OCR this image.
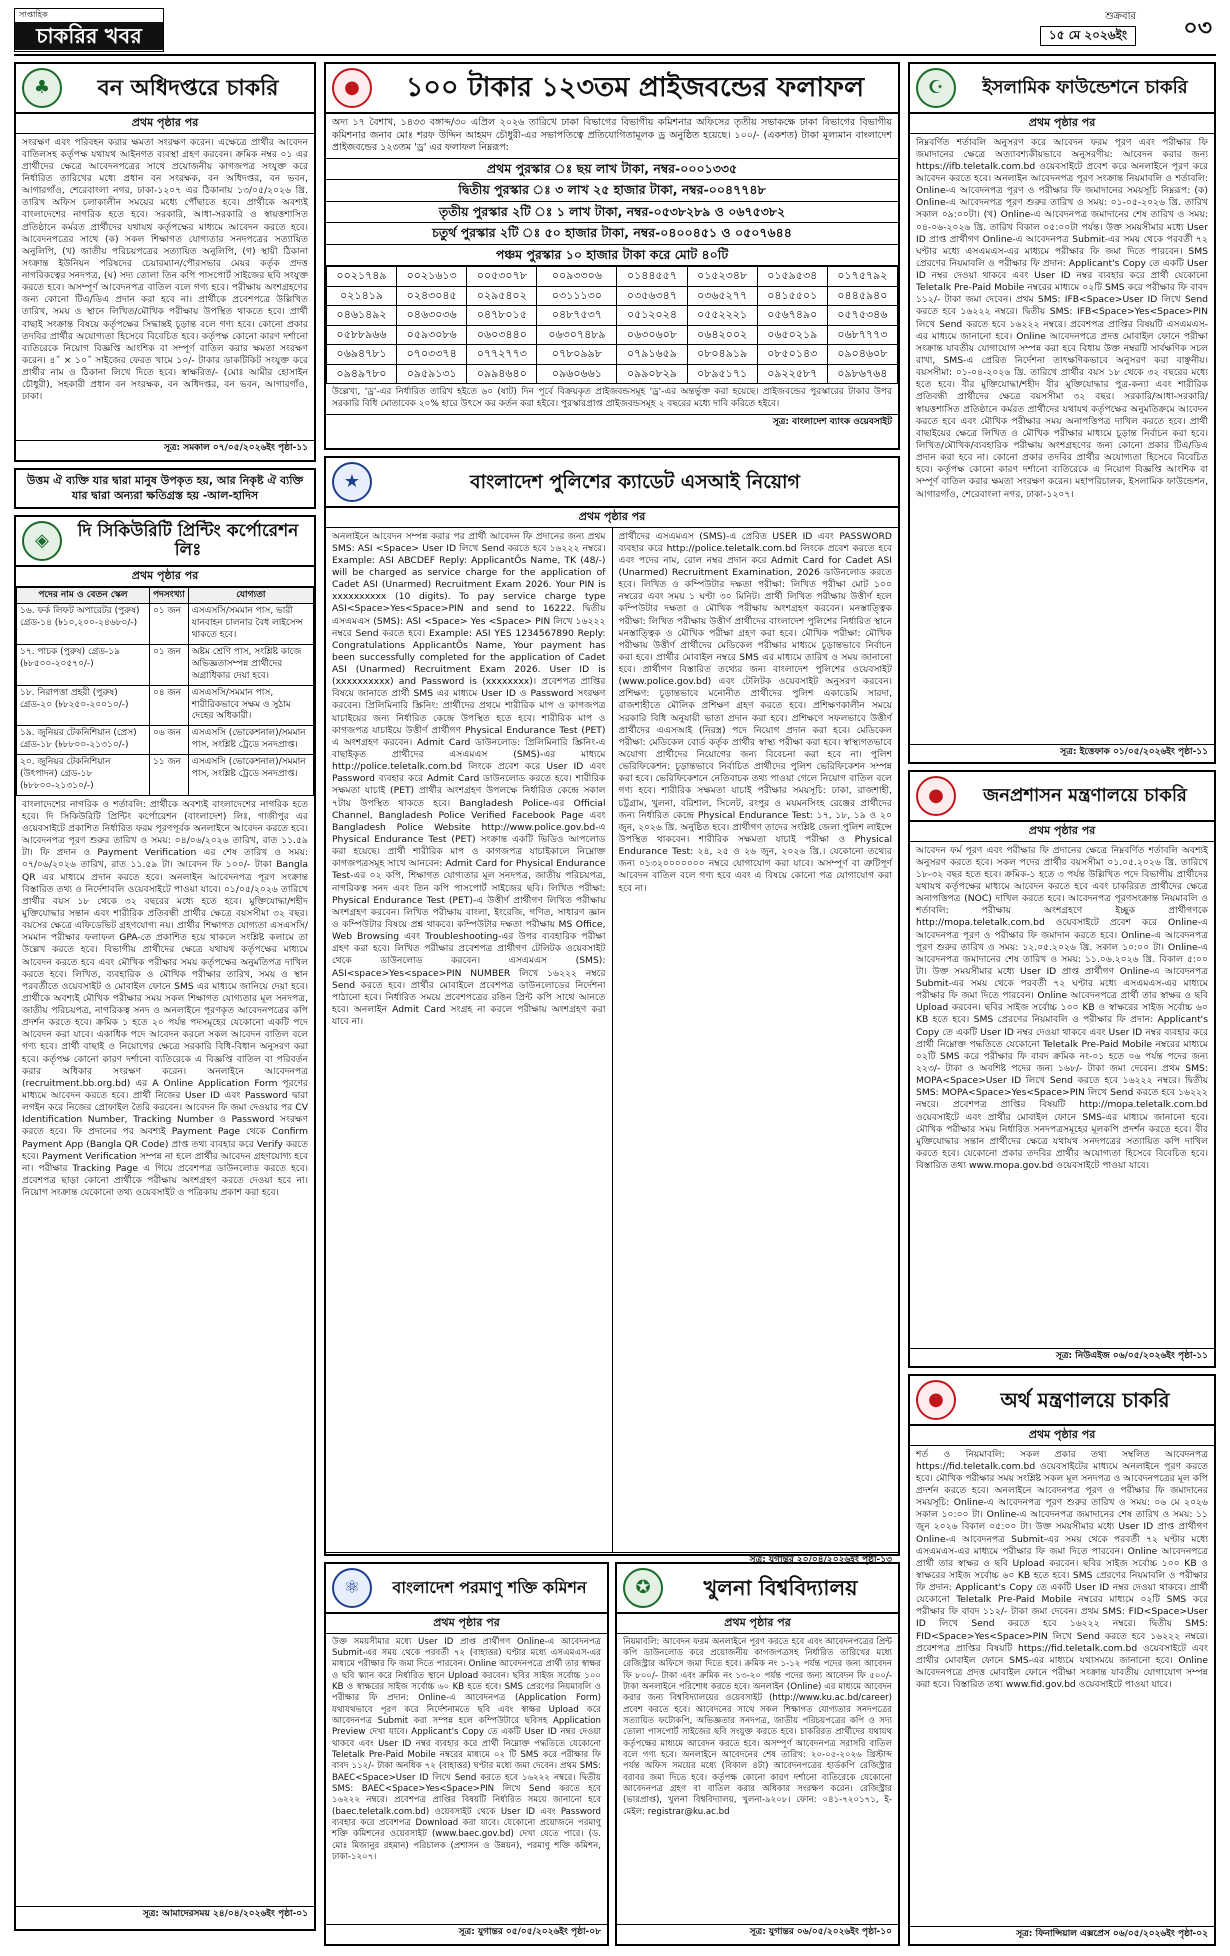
সাপ্তাহিক
চাকরির খবর
শুক্রবার
১৫ মে ২০২৬ইং	০৩
♣	বন অধিদপ্তরে চাকরি
প্রথম পৃষ্ঠার পর

সংরক্ষণ এবং পরিবহন করার ক্ষমতা সংরক্ষণ করেন। এক্ষেত্রে প্রার্থীর আবেদন বাতিলসহ কর্তৃপক্ষ যথাযথ আইনগত ব্যবস্থা গ্রহণ করবেন। ক্রমিক নম্বর ০১ এর প্রার্থীদের ক্ষেত্রে আবেদনপত্রের সাথে প্রয়োজনীয় কাগজপত্র সংযুক্ত করে নির্ধারিত তারিখের মধ্যে প্রধান বন সংরক্ষক, বন অধিদপ্তর, বন ভবন, আগারগাঁও, শেরেবাংলা নগর, ঢাকা-১২০৭ এর ঠিকানায় ১৩/০৫/২০২৬ খ্রি. তারিখ অফিস চলাকালীন সময়ের মধ্যে পৌঁছাতে হবে। প্রার্থীকে অবশ্যই বাংলাদেশের নাগরিক হতে হবে। সরকারি, আধা-সরকারি ও স্বায়ত্তশাসিত প্রতিষ্ঠানে কর্মরত প্রার্থীদের যথাযথ কর্তৃপক্ষের মাধ্যমে আবেদন করতে হবে। আবেদনপত্রের সাথে (ক) সকল শিক্ষাগত যোগ্যতার সনদপত্রের সত্যায়িত অনুলিপি, (খ) জাতীয় পরিচয়পত্রের সত্যায়িত অনুলিপি, (গ) স্থায়ী ঠিকানা সংক্রান্ত ইউনিয়ন পরিষদের চেয়ারম্যান/পৌরসভার মেয়র কর্তৃক প্রদত্ত নাগরিকত্বের সনদপত্র, (ঘ) সদ্য তোলা তিন কপি পাসপোর্ট সাইজের ছবি সংযুক্ত করতে হবে। অসম্পূর্ণ আবেদনপত্র বাতিল বলে গণ্য হবে। পরীক্ষায় অংশগ্রহণের জন্য কোনো টিএ/ডিএ প্রদান করা হবে না। প্রার্থীকে প্রবেশপত্রে উল্লিখিত তারিখ, সময় ও স্থানে লিখিত/মৌখিক পরীক্ষায় উপস্থিত থাকতে হবে। প্রার্থী বাছাই সংক্রান্ত বিষয়ে কর্তৃপক্ষের সিদ্ধান্তই চূড়ান্ত বলে গণ্য হবে। কোনো প্রকার তদবির প্রার্থীর অযোগ্যতা হিসেবে বিবেচিত হবে। কর্তৃপক্ষ কোনো কারণ দর্শানো ব্যতিরেকে নিয়োগ বিজ্ঞপ্তি আংশিক বা সম্পূর্ণ বাতিল করার ক্ষমতা সংরক্ষণ করেন। ৪˝ × ১০˝ সাইজের ফেরত খামে ১০/- টাকার ডাকটিকিট সংযুক্ত করে প্রার্থীর নাম ও ঠিকানা লিখে দিতে হবে। স্বাক্ষরিত/- (মোঃ আমীর হোসাইন চৌধুরী), সহকারী প্রধান বন সংরক্ষক, বন অধিদপ্তর, বন ভবন, আগারগাঁও, ঢাকা।

সূত্র: সমকাল ০৭/০৫/২০২৬ইং পৃষ্ঠা-১১
উত্তম ঐ ব্যক্তি যার দ্বারা মানুষ উপকৃত হয়, আর নিকৃষ্ট ঐ ব্যক্তি যার দ্বারা অন্যরা ক্ষতিগ্রস্ত হয় -আল-হাদিস
◈	দি সিকিউরিটি প্রিন্টিং কর্পোরেশন লিঃ
প্রথম পৃষ্ঠার পর
পদের নাম ও বেতন স্কেল	পদসংখ্যা	যোগ্যতা
১৬. ফর্ক লিফট অপারেটর (পুরুষ) গ্রেড-১৪ (৳১০,২০০-২৪৬৮০/-)	০১ জন	এসএসসি/সমমান পাস, ভারী যানবাহন চালনার বৈধ লাইসেন্স থাকতে হবে।
১৭. পাচক (পুরুষ) গ্রেড-১৯ (৳৮৫০০-২০৫৭০/-)	০১ জন	অষ্টম শ্রেণি পাস, সংশ্লিষ্ট কাজে অভিজ্ঞতাসম্পন্ন প্রার্থীদের অগ্রাধিকার দেয়া হবে।
১৮. নিরাপত্তা প্রহরী (পুরুষ) গ্রেড-২০ (৳৮২৫০-২০০১০/-)	০৪ জন	এসএসসি/সমমান পাস, শারীরিকভাবে সক্ষম ও সুঠাম দেহের অধিকারী।
১৯. জুনিয়র টেকনিশিয়ান (প্রেস) গ্রেড-১৮ (৳৮৮০০-২১৩১০/-)	০৬ জন	এসএসসি (ভোকেশনাল)/সমমান পাস, সংশ্লিষ্ট ট্রেডে সনদপ্রাপ্ত।
২০. জুনিয়র টেকনিশিয়ান (উৎপাদন) গ্রেড-১৮ (৳৮৮০০-২১৩১০/-)	১১ জন	এসএসসি (ভোকেশনাল)/সমমান পাস, সংশ্লিষ্ট ট্রেডে সনদপ্রাপ্ত।

বাংলাদেশের নাগরিক ও শর্তাবলি: প্রার্থীকে অবশ্যই বাংলাদেশের নাগরিক হতে হবে। দি সিকিউরিটি প্রিন্টিং কর্পোরেশন (বাংলাদেশ) লিঃ, গাজীপুর এর ওয়েবসাইটে প্রকাশিত নির্ধারিত ফরম পূরণপূর্বক অনলাইনে আবেদন করতে হবে। আবেদনপত্র পূরণ শুরুর তারিখ ও সময়: ০৪/০৬/২০২৬ তারিখ, রাত ১১.৫৯ টা। ফি প্রদান ও Payment Verification এর শেষ তারিখ ও সময়: ০৭/০৬/২০২৬ তারিখ, রাত ১১.৫৯ টা। আবেদন ফি ১০০/- টাকা Bangla QR এর মাধ্যমে প্রদান করতে হবে। অনলাইন আবেদনপত্র পূরণ সংক্রান্ত বিস্তারিত তথ্য ও নির্দেশাবলি ওয়েবসাইটে পাওয়া যাবে। ০১/০৫/২০২৬ তারিখে প্রার্থীর বয়স ১৮ থেকে ৩২ বছরের মধ্যে হতে হবে। মুক্তিযোদ্ধা/শহীদ মুক্তিযোদ্ধার সন্তান এবং শারীরিক প্রতিবন্ধী প্রার্থীর ক্ষেত্রে বয়সসীমা ৩২ বছর। বয়সের ক্ষেত্রে এফিডেভিট গ্রহণযোগ্য নয়। প্রার্থীর শিক্ষাগত যোগ্যতা এসএসসি/সমমান পরীক্ষার ফলাফল GPA-তে প্রকাশিত হয়ে থাকলে সংশ্লিষ্ট কলামে তা উল্লেখ করতে হবে। বিভাগীয় প্রার্থীদের ক্ষেত্রে যথাযথ কর্তৃপক্ষের মাধ্যমে আবেদন করতে হবে এবং মৌখিক পরীক্ষার সময় কর্তৃপক্ষের অনুমতিপত্র দাখিল করতে হবে। লিখিত, ব্যবহারিক ও মৌখিক পরীক্ষার তারিখ, সময় ও স্থান পরবর্তীতে ওয়েবসাইট ও মোবাইল ফোনে SMS এর মাধ্যমে জানিয়ে দেয়া হবে। প্রার্থীকে অবশ্যই মৌখিক পরীক্ষার সময় সকল শিক্ষাগত যোগ্যতার মূল সনদপত্র, জাতীয় পরিচয়পত্র, নাগরিকত্ব সনদ ও অনলাইনে পূরণকৃত আবেদনপত্রের কপি প্রদর্শন করতে হবে। ক্রমিক ১ হতে ২০ পর্যন্ত পদসমূহের যেকোনো একটি পদে আবেদন করা যাবে। একাধিক পদে আবেদন করলে সকল আবেদন বাতিল বলে গণ্য হবে। প্রার্থী বাছাই ও নিয়োগের ক্ষেত্রে সরকারি বিধি-বিধান অনুসরণ করা হবে। কর্তৃপক্ষ কোনো কারণ দর্শানো ব্যতিরেকে এ বিজ্ঞপ্তি বাতিল বা পরিবর্তন করার অধিকার সংরক্ষণ করেন। অনলাইনে আবেদনপত্র (recruitment.bb.org.bd) এর A Online Application Form পূরণের মাধ্যমে আবেদন করতে হবে। প্রার্থী নিজের User ID এবং Password দ্বারা লগইন করে নিজের প্রোফাইল তৈরি করবেন। আবেদন ফি জমা দেওয়ার পর CV Identification Number, Tracking Number ও Password সংরক্ষণ করতে হবে। ফি প্রদানের পর অবশ্যই Payment Page থেকে Confirm Payment App (Bangla QR Code) প্রাপ্ত তথ্য ব্যবহার করে Verify করতে হবে। Payment Verification সম্পন্ন না হলে প্রার্থীর আবেদন গ্রহণযোগ্য হবে না। পরীক্ষার Tracking Page এ গিয়ে প্রবেশপত্র ডাউনলোড করতে হবে। প্রবেশপত্র ছাড়া কোনো প্রার্থীকে পরীক্ষায় অংশগ্রহণ করতে দেওয়া হবে না। নিয়োগ সংক্রান্ত যেকোনো তথ্য ওয়েবসাইট ও পত্রিকায় প্রকাশ করা হবে।

সূত্র: আমাদেরসময় ২৪/০৪/২০২৬ইং পৃষ্ঠা-০১
●	১০০ টাকার ১২৩তম প্রাইজবন্ডের ফলাফল
অদ্য ১৭ বৈশাখ, ১৪৩৩ বঙ্গাব্দ/৩০ এপ্রিল ২০২৬ তারিখে ঢাকা বিভাগের বিভাগীয় কমিশনার অফিসের তৃতীয় সভাকক্ষে ঢাকা বিভাগের বিভাগীয় কমিশনার জনাব মোঃ শরফ উদ্দিন আহমদ চৌধুরী-এর সভাপতিত্বে প্রতিযোগিতামূলক ড্র অনুষ্ঠিত হয়েছে। ১০০/- (একশত) টাকা মূল্যমান বাংলাদেশ প্রাইজবন্ডের ১২৩তম 'ড্র' এর ফলাফল নিম্নরূপ:
প্রথম পুরস্কার ঃ ছয় লাখ টাকা, নম্বর-০০০১৩৩৫
দ্বিতীয় পুরস্কার ঃ ৩ লাখ ২৫ হাজার টাকা, নম্বর-০০৪৭৭৪৮
তৃতীয় পুরস্কার ২টি ঃ ১ লাখ টাকা, নম্বর-০৫৩৮২৮৯ ও ০৬৭৫৩৮২
চতুর্থ পুরস্কার ২টি ঃ ৫০ হাজার টাকা, নম্বর-০৪০০৪৫১ ও ০৫০৭৬৪৪
পঞ্চম পুরস্কার ১০ হাজার টাকা করে মোট ৪০টি
০০২১৭৪৯	০০২১৬১৩	০০৫৩০৭৮	০০৯৩৩০৬	০১৪৪৫৫৭	০১৫২৩৪৮	০১৫৯৫৩৪	০১৭৫৭৯২
০২১৪১৯	০২৪৩০৪৫	০২৯৫৪০২	০৩১১১৩০	০৩৫৬৩৪৭	০৩৬৫২৭৭	০৪১৫৫০১	০৪৪৫৯৪০
০৪৬১৪৯২	০৪৬৩০৩৬	০৪৭৮০১৫	০৪৮৭৫৩৭	০৫১২০২৪	০৫৫২২২১	০৫৬৭৪৯০	০৫৭৫৩৪৬
০৫৮৮৯৬৬	০৫৯৩০৮৬	০৬০৩৪৪০	০৬৩০৭৪৮৯	০৬৩০৬০৮	০৬৪২০০২	০৬৫০২১৯	০৬৮৭৭৭৩
০৬৯৪৭৮১	০৭০৩৩৭৪	০৭৭২৭৭৩	০৭৮০৯৯৮	০৭৯১৬৫৯	০৮০৪৯১৯	০৮৫০১৪৩	০৯০৪৬০৮
০৯৪৯৭৮০	০৯৫৯১৩১	০৯৯৪৬৪০	০৯৬০৬৬১	০৯৯০৮২৯	০৮৯৫১৭১	০৯২২৫৮৭	০৯৮৬৭৬৪
উল্লেখ্য, 'ড্র'-এর নির্ধারিত তারিখ হইতে ৬০ (ষাট) দিন পূর্বে বিক্রয়কৃত প্রাইজবন্ডসমূহ 'ড্র'-এর অন্তর্ভুক্ত করা হয়েছে। প্রাইজবন্ডের পুরস্কারের টাকার উপর সরকারি বিধি মোতাবেক ২০% হারে উৎসে কর কর্তন করা হইবে। পুরস্কারপ্রাপ্ত প্রাইজবন্ডসমূহ ২ বছরের মধ্যে দাবি করিতে হইবে।
সূত্র: বাংলাদেশ ব্যাংক ওয়েবসাইট
★	বাংলাদেশ পুলিশের ক্যাডেট এসআই নিয়োগ
প্রথম পৃষ্ঠার পর

অনলাইনে আবেদন সম্পন্ন করার পর প্রার্থী আবেদন ফি প্রদানের জন্য প্রথম SMS: ASI <Space> User ID লিখে Send করতে হবে ১৬২২২ নম্বরে। Example: ASI ABCDEF Reply: ApplicantÕs Name, TK (48/-) will be charged as service charge for the application of Cadet ASI (Unarmed) Recruitment Exam 2026. Your PIN is xxxxxxxxxx (10 digits). To pay service charge type ASI<Space>Yes<Space>PIN and send to 16222. দ্বিতীয় এসএমএস (SMS): ASI <Space> Yes <Space> PIN লিখে ১৬২২২ নম্বরে Send করতে হবে। Example: ASI YES 1234567890 Reply: Congratulations ApplicantÕs Name, Your payment has been successfully completed for the application of Cadet ASI (Unarmed) Recruitment Exam 2026. User ID is (xxxxxxxxxx) and Password is (xxxxxxxx)। প্রবেশপত্র প্রাপ্তির বিষয়ে জানাতে প্রার্থী SMS এর মাধ্যমে User ID ও Password সংরক্ষণ করবেন। প্রিলিমিনারি স্ক্রিনিং: প্রার্থীদের প্রথমে শারীরিক মাপ ও কাগজপত্র যাচাইয়ের জন্য নির্ধারিত কেন্দ্রে উপস্থিত হতে হবে। শারীরিক মাপ ও কাগজপত্র যাচাইয়ে উত্তীর্ণ প্রার্থীগণ Physical Endurance Test (PET) এ অংশগ্রহণ করবেন। Admit Card ডাউনলোড: প্রিলিমিনারি স্ক্রিনিং-এ বাছাইকৃত প্রার্থীদের এসএমএস (SMS)-এর মাধ্যমে http://police.teletalk.com.bd লিংকে প্রবেশ করে User ID এবং Password ব্যবহার করে Admit Card ডাউনলোড করতে হবে। শারীরিক সক্ষমতা যাচাই (PET) প্রার্থীর অংশগ্রহণ উপলক্ষে নির্ধারিত কেন্দ্রে সকাল ৭টায় উপস্থিত থাকতে হবে। Bangladesh Police-এর Official Channel, Bangladesh Police Verified Facebook Page এবং Bangladesh Police Website http://www.police.gov.bd-এ Physical Endurance Test (PET) সংক্রান্ত একটি ভিডিও আপলোড করা হয়েছে। প্রার্থী শারীরিক মাপ ও কাগজপত্র যাচাইকালে নিম্নোক্ত কাগজপত্রসমূহ সাথে আনবেন: Admit Card for Physical Endurance Test-এর ০২ কপি, শিক্ষাগত যোগ্যতার মূল সনদপত্র, জাতীয় পরিচয়পত্র, নাগরিকত্ব সনদ এবং তিন কপি পাসপোর্ট সাইজের ছবি। লিখিত পরীক্ষা: Physical Endurance Test (PET)-এ উত্তীর্ণ প্রার্থীগণ লিখিত পরীক্ষায় অংশগ্রহণ করবেন। লিখিত পরীক্ষায় বাংলা, ইংরেজি, গণিত, সাধারণ জ্ঞান ও কম্পিউটার বিষয়ে প্রশ্ন থাকবে। কম্পিউটার দক্ষতা পরীক্ষায় MS Office, Web Browsing এবং Troubleshooting-এর উপর ব্যবহারিক পরীক্ষা গ্রহণ করা হবে। লিখিত পরীক্ষার প্রবেশপত্র প্রার্থীগণ টেলিটক ওয়েবসাইট থেকে ডাউনলোড করবেন। এসএমএস (SMS): ASI<space>Yes<space>PIN NUMBER লিখে ১৬২২২ নম্বরে Send করতে হবে। প্রার্থীর মোবাইলে প্রবেশপত্র ডাউনলোডের নির্দেশনা পাঠানো হবে। নির্ধারিত সময়ে প্রবেশপত্রের রঙিন প্রিন্ট কপি সাথে আনতে হবে। অনলাইন Admit Card সংগ্রহ না করলে পরীক্ষায় অংশগ্রহণ করা যাবে না।

প্রার্থীদের এসএমএস (SMS)-এ প্রেরিত USER ID এবং PASSWORD ব্যবহার করে http://police.teletalk.com.bd লিংকে প্রবেশ করতে হবে এবং পদের নাম, রোল নম্বর প্রদান করে Admit Card for Cadet ASI (Unarmed) Recruitment Examination, 2026 ডাউনলোড করতে হবে। লিখিত ও কম্পিউটার দক্ষতা পরীক্ষা: লিখিত পরীক্ষা মোট ১০০ নম্বরের এবং সময় ১ ঘণ্টা ৩০ মিনিট। প্রার্থী লিখিত পরীক্ষায় উত্তীর্ণ হলে কম্পিউটার দক্ষতা ও মৌখিক পরীক্ষায় অংশগ্রহণ করবেন। মনস্তাত্ত্বিক পরীক্ষা: লিখিত পরীক্ষায় উত্তীর্ণ প্রার্থীদের বাংলাদেশ পুলিশের নির্ধারিত স্থানে মনস্তাত্ত্বিক ও মৌখিক পরীক্ষা গ্রহণ করা হবে। মৌখিক পরীক্ষা: মৌখিক পরীক্ষায় উত্তীর্ণ প্রার্থীদের মেডিকেল পরীক্ষার মাধ্যমে চূড়ান্তভাবে নির্বাচন করা হবে। প্রার্থীর মোবাইল নম্বরে SMS এর মাধ্যমে তারিখ ও সময় জানানো হবে। প্রার্থীগণ বিস্তারিত তথ্যের জন্য বাংলাদেশ পুলিশের ওয়েবসাইট (www.police.gov.bd) এবং টেলিটক ওয়েবসাইট অনুসরণ করবেন। প্রশিক্ষণ: চূড়ান্তভাবে মনোনীত প্রার্থীদের পুলিশ একাডেমি সারদা, রাজশাহীতে মৌলিক প্রশিক্ষণ গ্রহণ করতে হবে। প্রশিক্ষণকালীন সময়ে সরকারি বিধি অনুযায়ী ভাতা প্রদান করা হবে। প্রশিক্ষণে সফলভাবে উত্তীর্ণ প্রার্থীদের এএসআই (নিরস্ত্র) পদে নিয়োগ প্রদান করা হবে। মেডিকেল পরীক্ষা: মেডিকেল বোর্ড কর্তৃক প্রার্থীর স্বাস্থ্য পরীক্ষা করা হবে। স্বাস্থ্যগতভাবে অযোগ্য প্রার্থীদের নিয়োগের জন্য বিবেচনা করা হবে না। পুলিশ ভেরিফিকেশন: চূড়ান্তভাবে নির্বাচিত প্রার্থীদের পুলিশ ভেরিফিকেশন সম্পন্ন করা হবে। ভেরিফিকেশনে নেতিবাচক তথ্য পাওয়া গেলে নিয়োগ বাতিল বলে গণ্য হবে। শারীরিক সক্ষমতা যাচাই পরীক্ষার সময়সূচি: ঢাকা, রাজশাহী, চট্টগ্রাম, খুলনা, বরিশাল, সিলেট, রংপুর ও ময়মনসিংহ রেঞ্জের প্রার্থীদের জন্য নির্ধারিত কেন্দ্রে Physical Endurance Test: ১৭, ১৮, ১৯ ও ২০ জুন, ২০২৬ খ্রি. অনুষ্ঠিত হবে। প্রার্থীগণ তাদের সংশ্লিষ্ট জেলা পুলিশ লাইন্সে উপস্থিত থাকবেন। শারীরিক সক্ষমতা যাচাই পরীক্ষা ও Physical Endurance Test: ২৪, ২৫ ও ২৬ জুন, ২০২৬ খ্রি.। যেকোনো তথ্যের জন্য ০১৩২০০০০০০০ নম্বরে যোগাযোগ করা যাবে। অসম্পূর্ণ বা ত্রুটিপূর্ণ আবেদন বাতিল বলে গণ্য হবে এবং এ বিষয়ে কোনো পত্র যোগাযোগ করা হবে না।

সূত্র: যুগান্তর ২০/০৪/২০২৬ইং পৃষ্ঠা-১৩
⚛	বাংলাদেশ পরমাণু শক্তি কমিশন
প্রথম পৃষ্ঠার পর

উক্ত সময়সীমার মধ্যে User ID প্রাপ্ত প্রার্থীগণ Online-এ আবেদনপত্র Submit-এর সময় থেকে পরবর্তী ৭২ (বাহাত্তর) ঘণ্টার মধ্যে এসএমএস-এর মাধ্যমে পরীক্ষার ফি জমা দিতে পারবেন। Online আবেদনপত্রে প্রার্থী তার স্বাক্ষর ও ছবি স্ক্যান করে নির্ধারিত স্থানে Upload করবেন। ছবির সাইজ সর্বোচ্চ ১০০ KB ও স্বাক্ষরের সাইজ সর্বোচ্চ ৬০ KB হতে হবে। SMS প্রেরণের নিয়মাবলি ও পরীক্ষার ফি প্রদান: Online-এ আবেদনপত্র (Application Form) যথাযথভাবে পূরণ করে নির্দেশনামতে ছবি এবং স্বাক্ষর Upload করে আবেদনপত্র Submit করা সম্পন্ন হলে কম্পিউটারে ছবিসহ Application Preview দেখা যাবে। Applicant's Copy তে একটি User ID নম্বর দেওয়া থাকবে এবং User ID নম্বর ব্যবহার করে প্রার্থী নিম্নোক্ত পদ্ধতিতে যেকোনো Teletalk Pre-Paid Mobile নম্বরের মাধ্যমে ০২ টি SMS করে পরীক্ষার ফি বাবদ ১১২/- টাকা অনধিক ৭২ (বাহাত্তর) ঘণ্টার মধ্যে জমা দেবেন। প্রথম SMS: BAEC<Space>User ID লিখে Send করতে হবে ১৬২২২ নম্বরে। দ্বিতীয় SMS: BAEC<Space>Yes<Space>PIN লিখে Send করতে হবে ১৬২২২ নম্বরে। প্রবেশপত্র প্রাপ্তির বিষয়টি নির্ধারিত সময়ে জানানো হবে (baec.teletalk.com.bd) ওয়েবসাইট থেকে User ID এবং Password ব্যবহার করে প্রবেশপত্র Download করা যাবে। যেকোনো প্রয়োজনে পরমাণু শক্তি কমিশনের ওয়েবসাইট (www.baec.gov.bd) দেখা যেতে পারে। (ড. মোঃ মিজানুর রহমান) পরিচালক (প্রশাসন ও উন্নয়ন), পরমাণু শক্তি কমিশন, ঢাকা-১২০৭।

সূত্র: যুগান্তর ০৫/০৫/২০২৬ইং পৃষ্ঠা-০৮
✪	খুলনা বিশ্ববিদ্যালয়
প্রথম পৃষ্ঠার পর

নিয়মাবলি: আবেদন ফরম অনলাইনে পূরণ করতে হবে এবং আবেদনপত্রের প্রিন্ট কপি ডাউনলোড করে প্রয়োজনীয় কাগজপত্রসহ নির্ধারিত তারিখের মধ্যে রেজিস্ট্রার অফিসে জমা দিতে হবে। ক্রমিক নং ১-১২ পর্যন্ত পদের জন্য আবেদন ফি ৮০০/- টাকা এবং ক্রমিক নং ১৩-২০ পর্যন্ত পদের জন্য আবেদন ফি ৫০০/- টাকা অনলাইনে পরিশোধ করতে হবে। অনলাইন (Online) এর মাধ্যমে আবেদন করার জন্য বিশ্ববিদ্যালয়ের ওয়েবসাইট (http://www.ku.ac.bd/career) প্রবেশ করতে হবে। আবেদনের সাথে সকল শিক্ষাগত যোগ্যতার সনদপত্রের সত্যায়িত ফটোকপি, অভিজ্ঞতার সনদপত্র, জাতীয় পরিচয়পত্রের কপি ও সদ্য তোলা পাসপোর্ট সাইজের ছবি সংযুক্ত করতে হবে। চাকরিরত প্রার্থীদের যথাযথ কর্তৃপক্ষের মাধ্যমে আবেদন করতে হবে। অসম্পূর্ণ আবেদনপত্র সরাসরি বাতিল বলে গণ্য হবে। অনলাইনে আবেদনের শেষ তারিখ: ২০-০৫-২০২৬ খ্রিস্টাব্দ পর্যন্ত অফিস সময়ের মধ্যে (বিকাল ৪টা) আবেদনপত্রের হার্ডকপি রেজিস্ট্রার বরাবর জমা দিতে হবে। কর্তৃপক্ষ কোনো কারণ দর্শানো ব্যতিরেকে যেকোনো আবেদনপত্র গ্রহণ বা বাতিল করার অধিকার সংরক্ষণ করেন। রেজিস্ট্রার (ভারপ্রাপ্ত), খুলনা বিশ্ববিদ্যালয়, খুলনা-৯২০৮। ফোন: ০৪১-৭২০১৭১, ই-মেইল: registrar@ku.ac.bd

সূত্র: যুগান্তর ০৬/০৫/২০২৬ইং পৃষ্ঠা-১০
☪	ইসলামিক ফাউন্ডেশনে চাকরি
প্রথম পৃষ্ঠার পর

নিম্নবর্ণিত শর্তাবলি অনুসরণ করে আবেদন ফরম পূরণ এবং পরীক্ষার ফি জমাদানের ক্ষেত্রে অত্যাবশ্যকীয়ভাবে অনুসরণীয়: আবেদন করার জন্য https://ifb.teletalk.com.bd ওয়েবসাইটে প্রবেশ করে অনলাইনে পূরণ করে আবেদন করতে হবে। অনলাইন আবেদনপত্র পূরণ সংক্রান্ত নিয়মাবলি ও শর্তাবলি: Online-এ আবেদনপত্র পূরণ ও পরীক্ষার ফি জমাদানের সময়সূচি নিম্নরূপ: (ক) Online-এ আবেদনপত্র পূরণ শুরুর তারিখ ও সময়: ০১-০৫-২০২৬ খ্রি. তারিখ সকাল ০৯:০০টা। (খ) Online-এ আবেদনপত্র জমাদানের শেষ তারিখ ও সময়: ০৪-০৬-২০২৬ খ্রি. তারিখ বিকাল ০৫:০০টা পর্যন্ত। উক্ত সময়সীমার মধ্যে User ID প্রাপ্ত প্রার্থীগণ Online-এ আবেদনপত্র Submit-এর সময় থেকে পরবর্তী ৭২ ঘণ্টার মধ্যে এসএমএস-এর মাধ্যমে পরীক্ষার ফি জমা দিতে পারবেন। SMS প্রেরণের নিয়মাবলি ও পরীক্ষার ফি প্রদান: Applicant's Copy তে একটি User ID নম্বর দেওয়া থাকবে এবং User ID নম্বর ব্যবহার করে প্রার্থী যেকোনো Teletalk Pre-Paid Mobile নম্বরের মাধ্যমে ০২টি SMS করে পরীক্ষার ফি বাবদ ১১২/- টাকা জমা দেবেন। প্রথম SMS: IFB<Space>User ID লিখে Send করতে হবে ১৬২২২ নম্বরে। দ্বিতীয় SMS: IFB<Space>Yes<Space>PIN লিখে Send করতে হবে ১৬২২২ নম্বরে। প্রবেশপত্র প্রাপ্তির বিষয়টি এসএমএস-এর মাধ্যমে জানানো হবে। Online আবেদনপত্রে প্রদত্ত মোবাইল ফোনে পরীক্ষা সংক্রান্ত যাবতীয় যোগাযোগ সম্পন্ন করা হবে বিধায় উক্ত নম্বরটি সার্বক্ষণিক সচল রাখা, SMS-এ প্রেরিত নির্দেশনা তাৎক্ষণিকভাবে অনুসরণ করা বাঞ্ছনীয়। বয়সসীমা: ০১-০৪-২০২৬ খ্রি. তারিখে প্রার্থীর বয়স ১৮ থেকে ৩২ বছরের মধ্যে হতে হবে। বীর মুক্তিযোদ্ধা/শহীদ বীর মুক্তিযোদ্ধার পুত্র-কন্যা এবং শারীরিক প্রতিবন্ধী প্রার্থীদের ক্ষেত্রে বয়সসীমা ৩২ বছর। সরকারি/আধা-সরকারি/স্বায়ত্তশাসিত প্রতিষ্ঠানে কর্মরত প্রার্থীদের যথাযথ কর্তৃপক্ষের অনুমতিক্রমে আবেদন করতে হবে এবং মৌখিক পরীক্ষার সময় অনাপত্তিপত্র দাখিল করতে হবে। প্রার্থী বাছাইয়ের ক্ষেত্রে লিখিত ও মৌখিক পরীক্ষার মাধ্যমে চূড়ান্ত নির্বাচন করা হবে। লিখিত/মৌখিক/ব্যবহারিক পরীক্ষায় অংশগ্রহণের জন্য কোনো প্রকার টিএ/ডিএ প্রদান করা হবে না। কোনো প্রকার তদবির প্রার্থীর অযোগ্যতা হিসেবে বিবেচিত হবে। কর্তৃপক্ষ কোনো কারণ দর্শানো ব্যতিরেকে এ নিয়োগ বিজ্ঞপ্তি আংশিক বা সম্পূর্ণ বাতিল করার ক্ষমতা সংরক্ষণ করেন। মহাপরিচালক, ইসলামিক ফাউন্ডেশন, আগারগাঁও, শেরেবাংলা নগর, ঢাকা-১২০৭।

সূত্র: ইত্তেফাক ০১/০৫/২০২৬ইং পৃষ্ঠা-১১
●	জনপ্রশাসন মন্ত্রণালয়ে চাকরি
প্রথম পৃষ্ঠার পর

আবেদন ফর্ম পূরণ এবং পরীক্ষার ফি প্রদানের ক্ষেত্রে নিম্নবর্ণিত শর্তাবলি অবশ্যই অনুসরণ করতে হবে। সকল পদের প্রার্থীর বয়সসীমা ০১.০৫.২০২৬ খ্রি. তারিখে ১৮-৩২ বছর হতে হবে। ক্রমিক-১ হতে ৩ পর্যন্ত উল্লিখিত পদে বিভাগীয় প্রার্থীদের যথাযথ কর্তৃপক্ষের মাধ্যমে আবেদন করতে হবে এবং চাকরিরত প্রার্থীদের ক্ষেত্রে অনাপত্তিপত্র (NOC) দাখিল করতে হবে। আবেদনপত্র পূরণসংক্রান্ত নিয়মাবলি ও শর্তাবলি: পরীক্ষায় অংশগ্রহণে ইচ্ছুক প্রার্থীগণকে http://mopa.teletalk.com.bd ওয়েবসাইটে প্রবেশ করে Online-এ আবেদনপত্র পূরণ ও পরীক্ষার ফি জমাদান করতে হবে। Online-এ আবেদনপত্র পূরণ শুরুর তারিখ ও সময়: ১২.০৫.২০২৬ খ্রি. সকাল ১০:০০ টা। Online-এ আবেদনপত্র জমাদানের শেষ তারিখ ও সময়: ১১.০৬.২০২৬ খ্রি. বিকাল ৫:০০ টা। উক্ত সময়সীমার মধ্যে User ID প্রাপ্ত প্রার্থীগণ Online-এ আবেদনপত্র Submit-এর সময় থেকে পরবর্তী ৭২ ঘণ্টার মধ্যে এসএমএস-এর মাধ্যমে পরীক্ষার ফি জমা দিতে পারবেন। Online আবেদনপত্রে প্রার্থী তার স্বাক্ষর ও ছবি Upload করবেন। ছবির সাইজ সর্বোচ্চ ১০০ KB ও স্বাক্ষরের সাইজ সর্বোচ্চ ৬০ KB হতে হবে। SMS প্রেরণের নিয়মাবলি ও পরীক্ষার ফি প্রদান: Applicant's Copy তে একটি User ID নম্বর দেওয়া থাকবে এবং User ID নম্বর ব্যবহার করে প্রার্থী নিম্নোক্ত পদ্ধতিতে যেকোনো Teletalk Pre-Paid Mobile নম্বরের মাধ্যমে ০২টি SMS করে পরীক্ষার ফি বাবদ ক্রমিক নং-০১ হতে ০৬ পর্যন্ত পদের জন্য ২২৩/- টাকা ও অবশিষ্ট পদের জন্য ১৬৮/- টাকা জমা দেবেন। প্রথম SMS: MOPA<Space>User ID লিখে Send করতে হবে ১৬২২২ নম্বরে। দ্বিতীয় SMS: MOPA<Space>Yes<Space>PIN লিখে Send করতে হবে ১৬২২২ নম্বরে। প্রবেশপত্র প্রাপ্তির বিষয়টি http://mopa.teletalk.com.bd ওয়েবসাইটে এবং প্রার্থীর মোবাইল ফোনে SMS-এর মাধ্যমে জানানো হবে। মৌখিক পরীক্ষার সময় নির্ধারিত সনদপত্রসমূহের মূলকপি প্রদর্শন করতে হবে। বীর মুক্তিযোদ্ধার সন্তান প্রার্থীদের ক্ষেত্রে যথাযথ সনদপত্রের সত্যায়িত কপি দাখিল করতে হবে। যেকোনো প্রকার তদবির প্রার্থীর অযোগ্যতা হিসেবে বিবেচিত হবে। বিস্তারিত তথ্য www.mopa.gov.bd ওয়েবসাইটে পাওয়া যাবে।

সূত্র: নিউএইজ ০৬/০৫/২০২৬ইং পৃষ্ঠা-১১
●	অর্থ মন্ত্রণালয়ে চাকরি
প্রথম পৃষ্ঠার পর

শর্ত ও নিয়মাবলি: সকল প্রকার তথ্য সম্বলিত আবেদনপত্র https://fid.teletalk.com.bd ওয়েবসাইটের মাধ্যমে অনলাইনে পূরণ করতে হবে। মৌখিক পরীক্ষার সময় সংশ্লিষ্ট সকল মূল সনদপত্র ও আবেদনপত্রের মূল কপি প্রদর্শন করতে হবে। অনলাইনে আবেদনপত্র পূরণ ও পরীক্ষার ফি জমাদানের সময়সূচি: Online-এ আবেদনপত্র পূরণ শুরুর তারিখ ও সময়: ০৬ মে ২০২৬ সকাল ১০:০০ টা। Online-এ আবেদনপত্র জমাদানের শেষ তারিখ ও সময়: ১১ জুন ২০২৬ বিকাল ০৫:০০ টা। উক্ত সময়সীমার মধ্যে User ID প্রাপ্ত প্রার্থীগণ Online-এ আবেদনপত্র Submit-এর সময় থেকে পরবর্তী ৭২ ঘণ্টার মধ্যে এসএমএস-এর মাধ্যমে পরীক্ষার ফি জমা দিতে পারবেন। Online আবেদনপত্রে প্রার্থী তার স্বাক্ষর ও ছবি Upload করবেন। ছবির সাইজ সর্বোচ্চ ১০০ KB ও স্বাক্ষরের সাইজ সর্বোচ্চ ৬০ KB হতে হবে। SMS প্রেরণের নিয়মাবলি ও পরীক্ষার ফি প্রদান: Applicant's Copy তে একটি User ID নম্বর দেওয়া থাকবে। প্রার্থী যেকোনো Teletalk Pre-Paid Mobile নম্বরের মাধ্যমে ০২টি SMS করে পরীক্ষার ফি বাবদ ১১২/- টাকা জমা দেবেন। প্রথম SMS: FID<Space>User ID লিখে Send করতে হবে ১৬২২২ নম্বরে। দ্বিতীয় SMS: FID<Space>Yes<Space>PIN লিখে Send করতে হবে ১৬২২২ নম্বরে। প্রবেশপত্র প্রাপ্তির বিষয়টি https://fid.teletalk.com.bd ওয়েবসাইটে এবং প্রার্থীর মোবাইল ফোনে SMS-এর মাধ্যমে যথাসময়ে জানানো হবে। Online আবেদনপত্রে প্রদত্ত মোবাইল ফোনে পরীক্ষা সংক্রান্ত যাবতীয় যোগাযোগ সম্পন্ন করা হবে। বিস্তারিত তথ্য www.fid.gov.bd ওয়েবসাইটে পাওয়া যাবে।

সূত্র: ফিনান্সিয়াল এক্সপ্রেস ০৬/০৫/২০২৬ইং পৃষ্ঠা-০২
